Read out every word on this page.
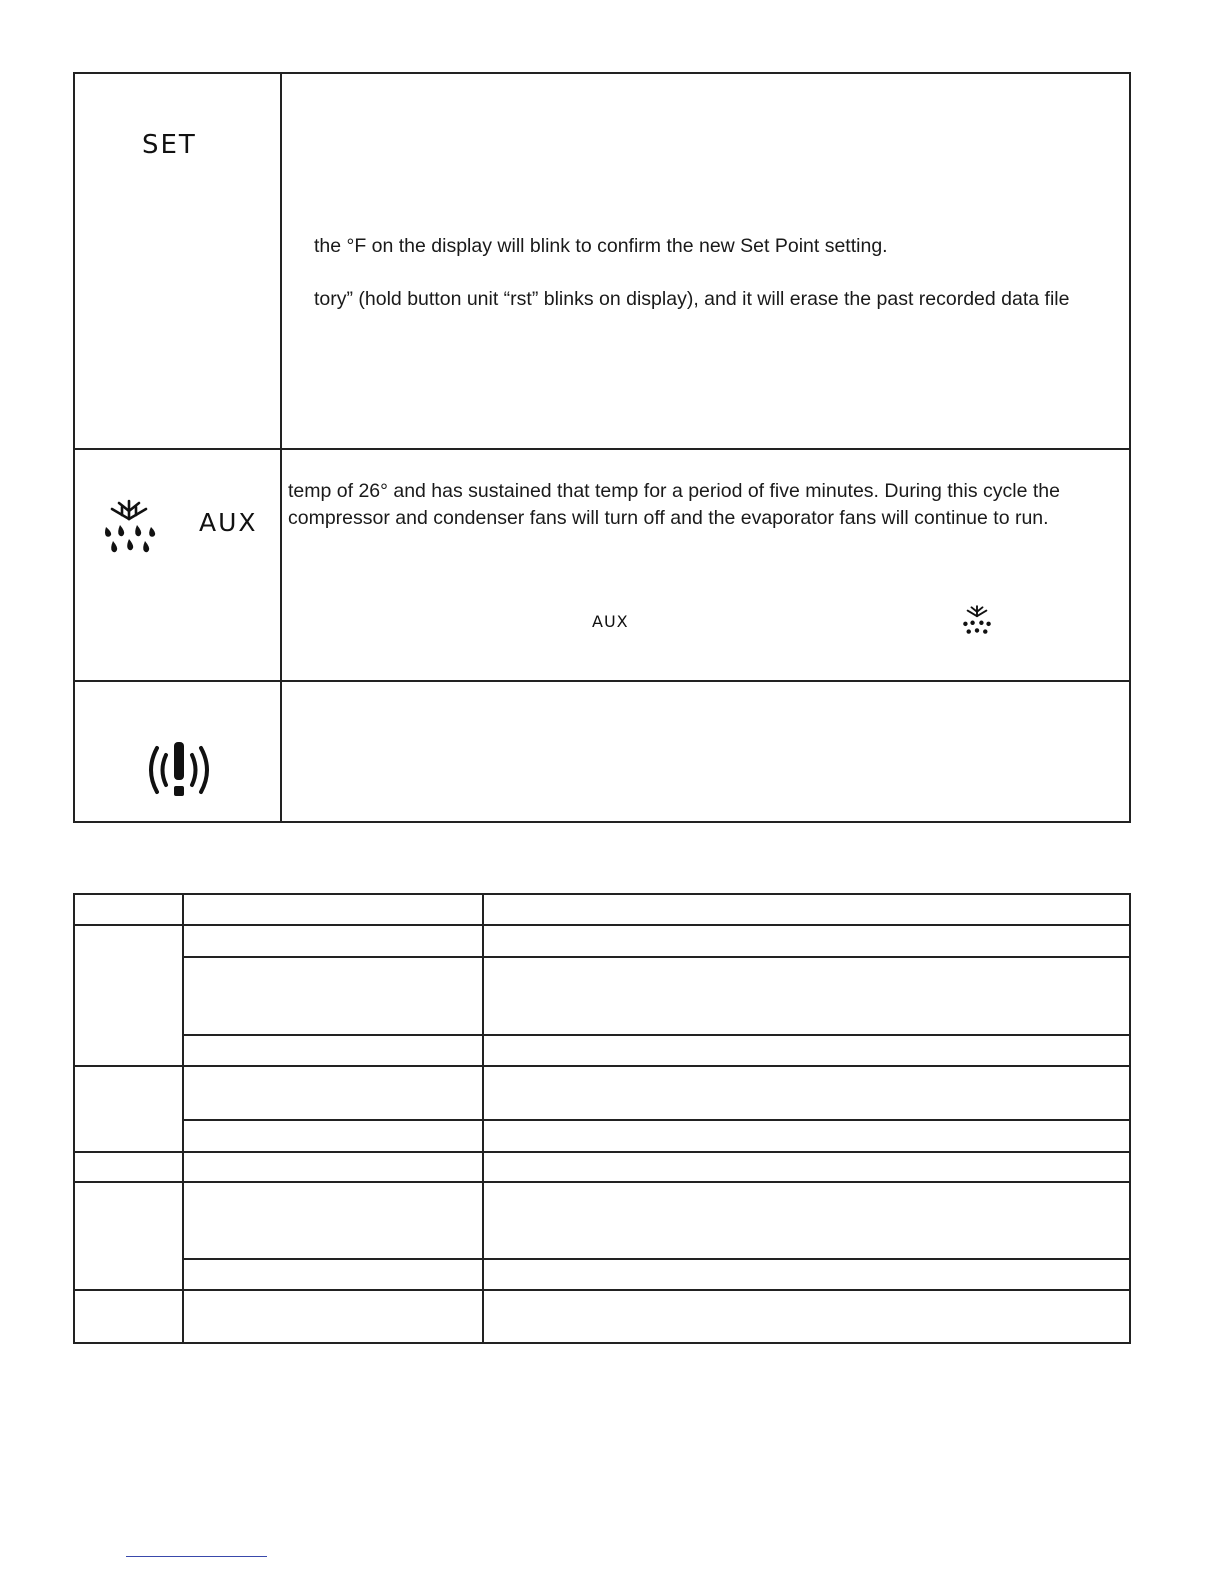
SET
the °F on the display will blink to confirm the new Set Point setting.
tory” (hold button unit “rst” blinks on display), and it will erase the past recorded data file
AUX
temp of 26° and has sustained that temp for a period of five minutes. During this cycle the
compressor and condenser fans will turn off and the evaporator fans will continue to run.
AUX
